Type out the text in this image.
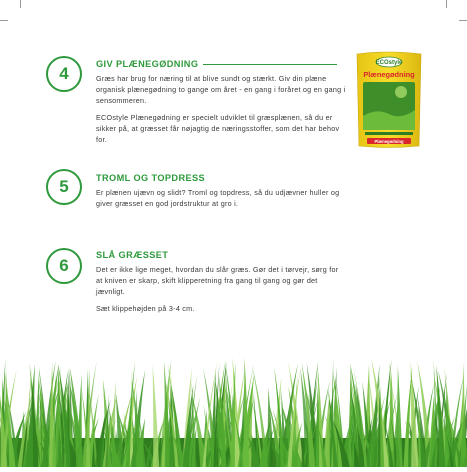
4	GIV PLÆNEGØDNING

Græs har brug for næring til at blive sundt og stærkt. Giv din plæne organisk plænegødning to gange om året - en gang i foråret og en gang i sensommeren.

ECOstyle Plænegødning er specielt udviklet til græsplænen, så du er sikker på, at græsset får nøjagtig de næringsstoffer, som det har behov for.

5	TROML OG TOPDRESS

Er plænen ujævn og slidt? Troml og topdress, så du udjævner huller og giver græsset en god jordstruktur at gro i.

6
SLÅ GRÆSSET

Det er ikke lige meget, hvordan du slår græs. Gør det i tørvejr, sørg for at kniven er skarp, skift klipperetning fra gang til gang og gør det jævnligt.

Sæt klippehøjden på 3-4 cm.

ECOstyle
Plænegødning
Plænegødning
